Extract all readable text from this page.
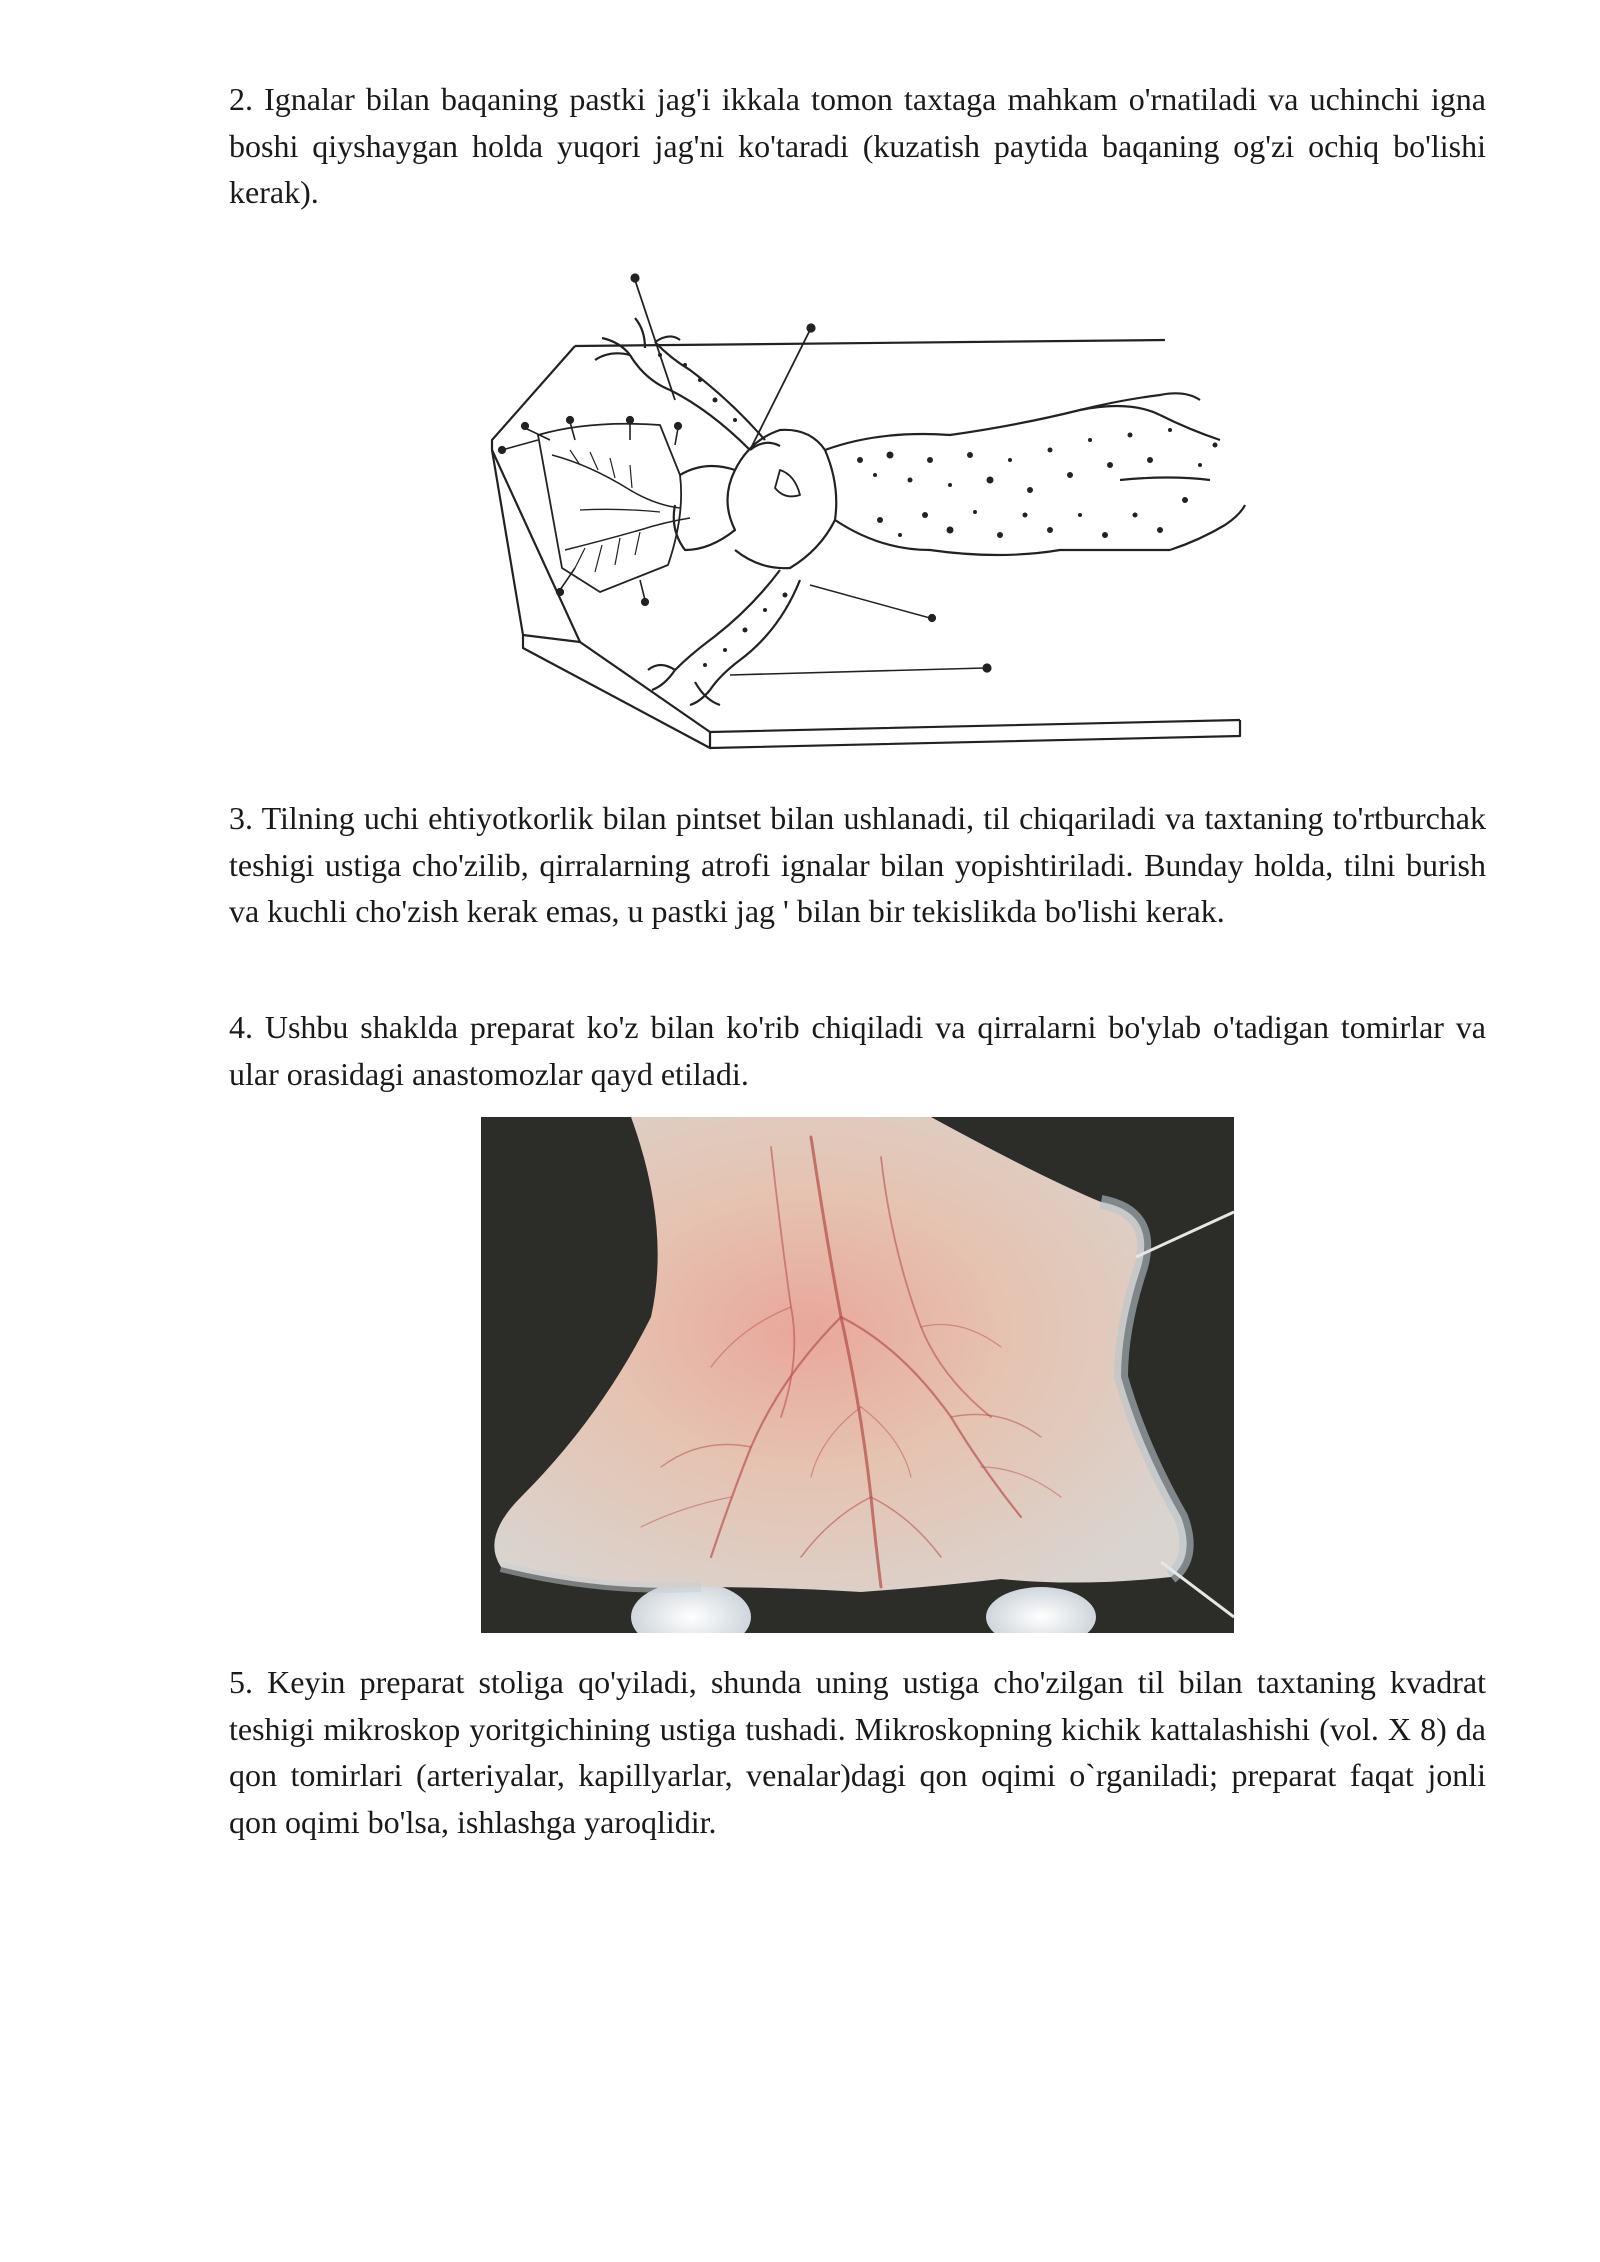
2. Ignalar bilan baqaning pastki jag'i ikkala tomon taxtaga mahkam o'rnatiladi va uchinchi igna boshi qiyshaygan holda yuqori jag'ni ko'taradi (kuzatish paytida baqaning og'zi ochiq bo'lishi kerak).

3. Tilning uchi ehtiyotkorlik bilan pintset bilan ushlanadi, til chiqariladi va taxtaning to'rtburchak teshigi ustiga cho'zilib, qirralarning atrofi ignalar bilan yopishtiriladi. Bunday holda, tilni burish va kuchli cho'zish kerak emas, u pastki jag ' bilan bir tekislikda bo'lishi kerak.

4. Ushbu shaklda preparat ko'z bilan ko'rib chiqiladi va qirralarni bo'ylab o'tadigan tomirlar va ular orasidagi anastomozlar qayd etiladi.

5. Keyin preparat stoliga qo'yiladi, shunda uning ustiga cho'zilgan til bilan taxtaning kvadrat teshigi mikroskop yoritgichining ustiga tushadi. Mikroskopning kichik kattalashishi (vol. X 8) da qon tomirlari (arteriyalar, kapillyarlar, venalar)dagi qon oqimi o`rganiladi; preparat faqat jonli qon oqimi bo'lsa, ishlashga yaroqlidir.
